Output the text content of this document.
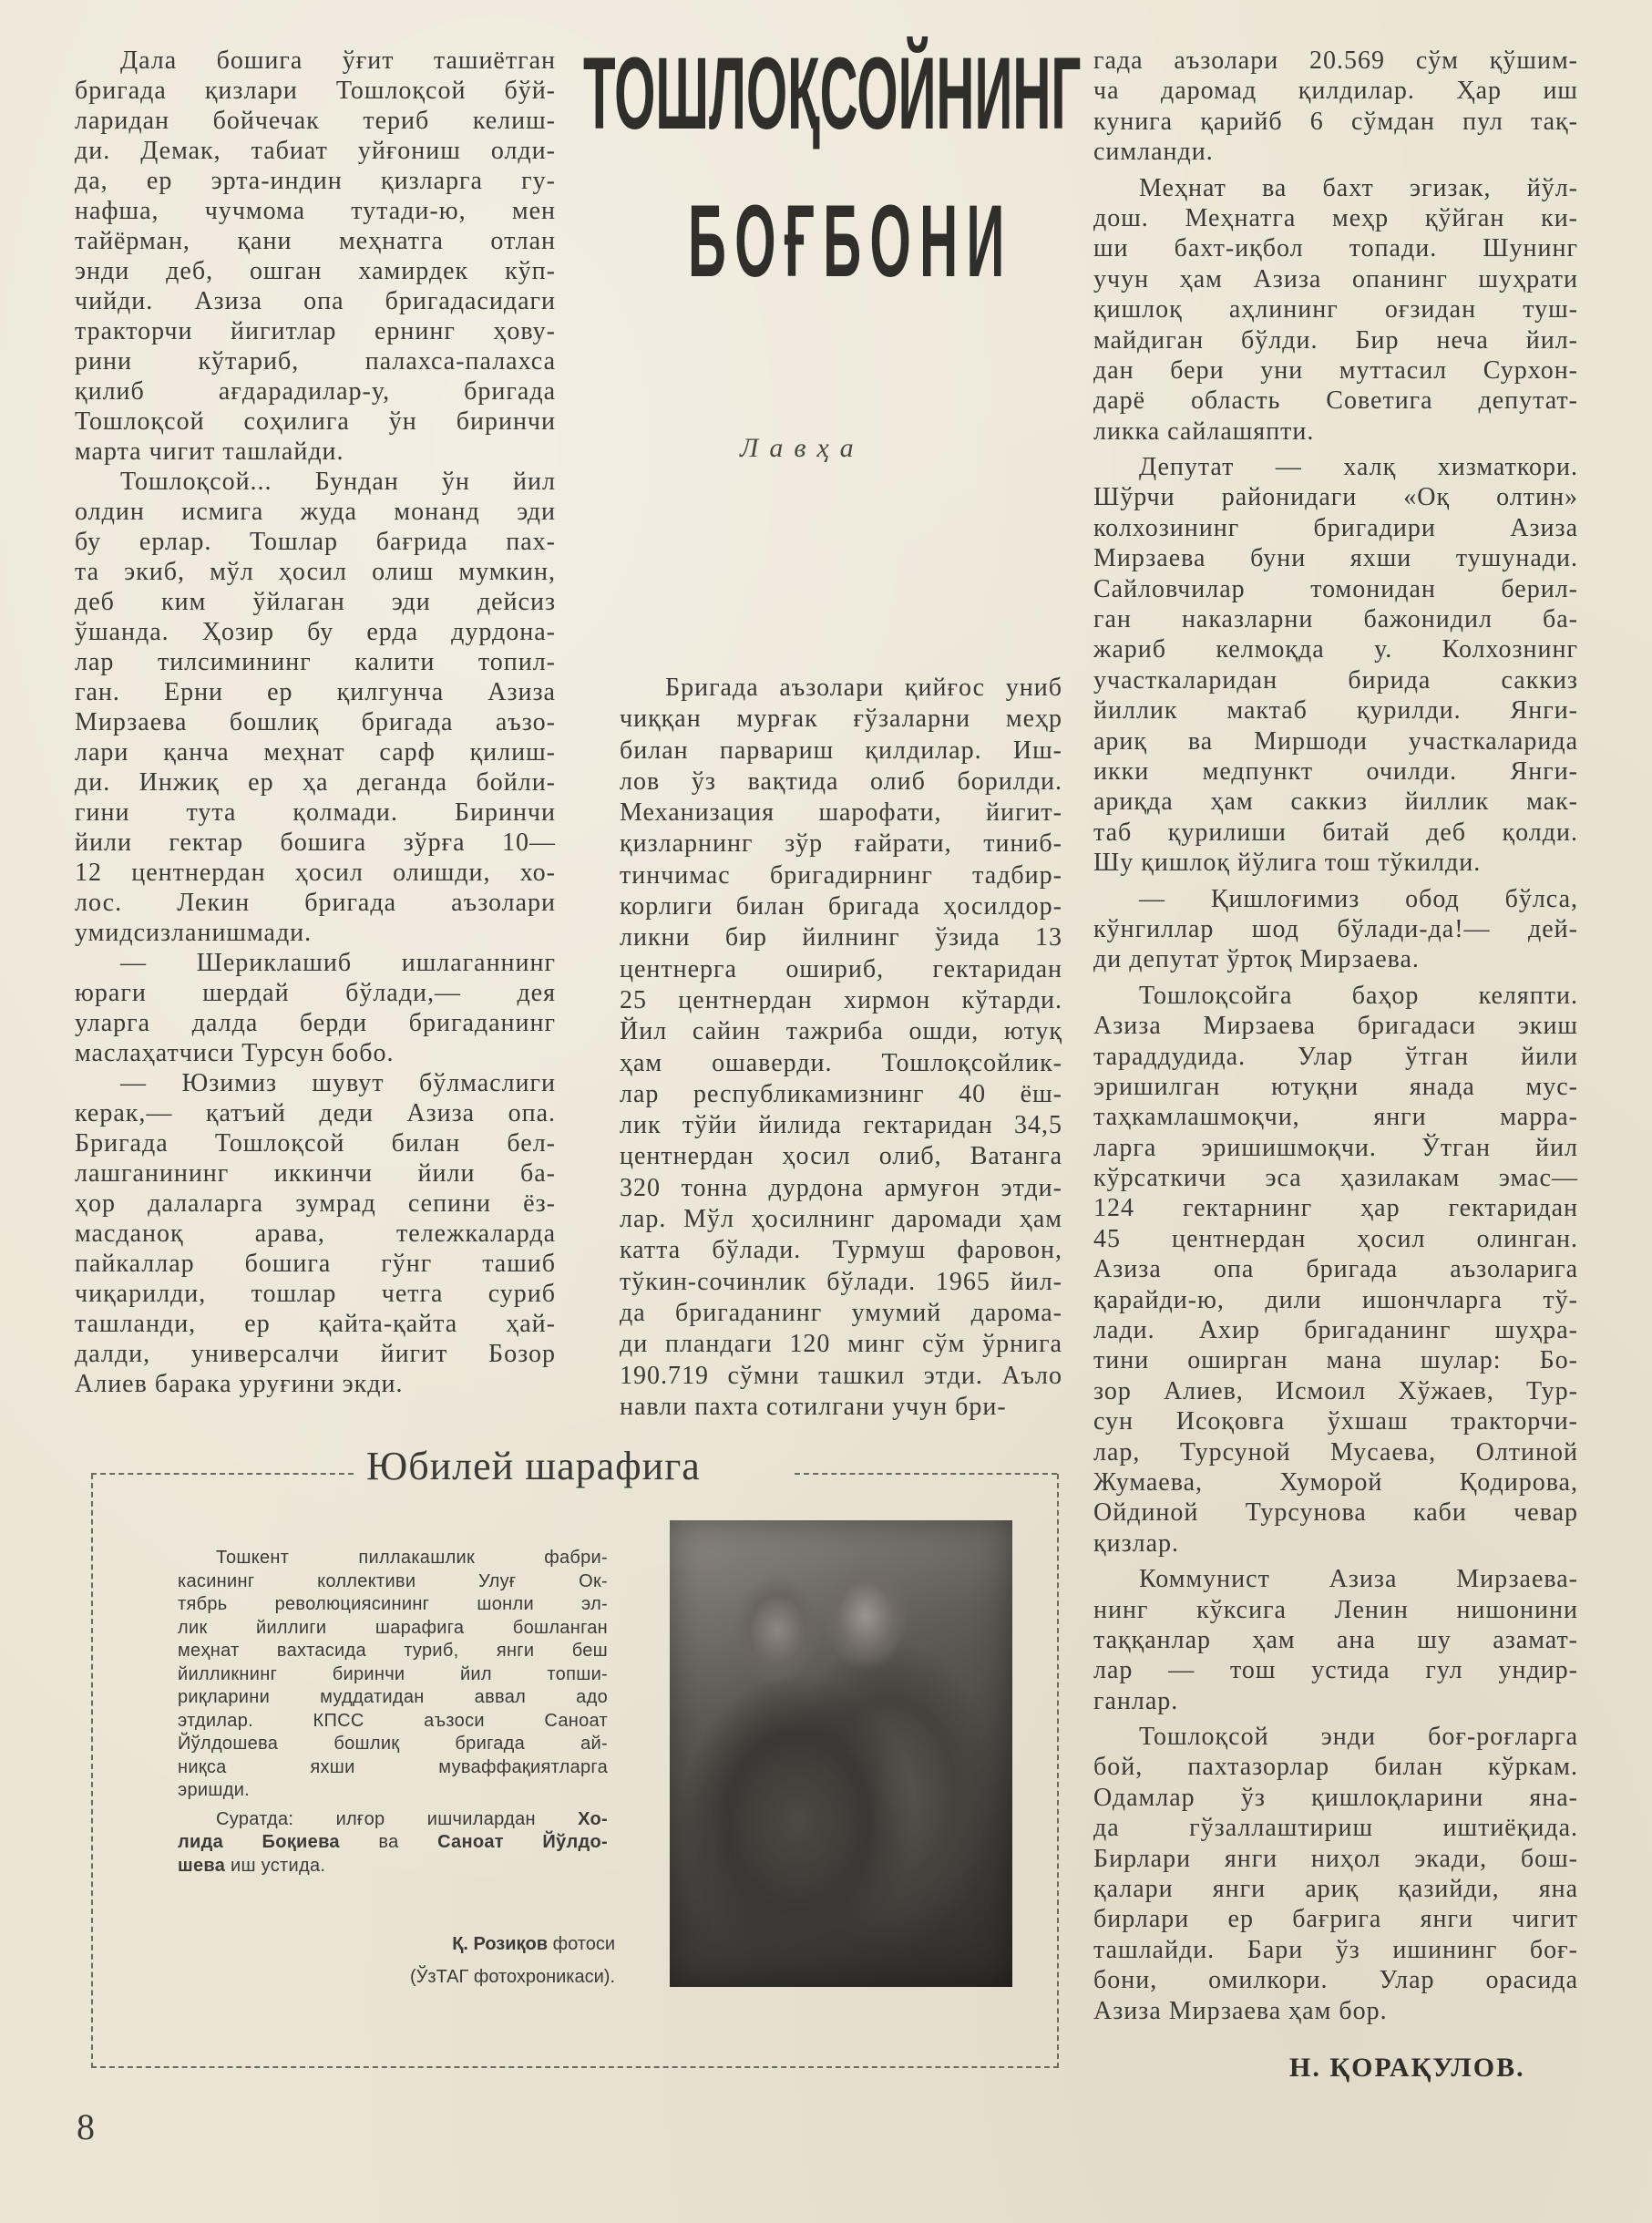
ТОШЛОҚСОЙНИНГ
БОҒБОНИ
Лавҳа
Дала бошига ўғит ташиётган
бригада қизлари Тошлоқсой бўй-
ларидан бойчечак териб келиш-
ди. Демак, табиат уйғониш олди-
да, ер эрта-индин қизларга гу-
нафша, чучмома тутади-ю, мен
тайёрман, қани меҳнатга отлан
энди деб, ошган хамирдек кўп-
чийди. Азиза опа бригадасидаги
тракторчи йигитлар ернинг ҳову-
рини кўтариб, палахса-палахса
қилиб ағдарадилар-у, бригада
Тошлоқсой соҳилига ўн биринчи
марта чигит ташлайди.
Тошлоқсой... Бундан ўн йил
олдин исмига жуда монанд эди
бу ерлар. Тошлар бағрида пах-
та экиб, мўл ҳосил олиш мумкин,
деб ким ўйлаган эди дейсиз
ўшанда. Ҳозир бу ерда дурдона-
лар тилсимининг калити топил-
ган. Ерни ер қилгунча Азиза
Мирзаева бошлиқ бригада аъзо-
лари қанча меҳнат сарф қилиш-
ди. Инжиқ ер ҳа деганда бойли-
гини тута қолмади. Биринчи
йили гектар бошига зўрға 10—
12 центнердан ҳосил олишди, хо-
лос. Лекин бригада аъзолари
умидсизланишмади.
— Шериклашиб ишлаганнинг
юраги шердай бўлади,— дея
уларга далда берди бригаданинг
маслаҳатчиси Турсун бобо.
— Юзимиз шувут бўлмаслиги
керак,— қатъий деди Азиза опа.
Бригада Тошлоқсой билан бел-
лашганининг иккинчи йили ба-
ҳор далаларга зумрад сепини ёз-
масданоқ арава, тележкаларда
пайкаллар бошига гўнг ташиб
чиқарилди, тошлар четга суриб
ташланди, ер қайта-қайта ҳай-
далди, универсалчи йигит Бозор
Алиев барака уруғини экди.
Бригада аъзолари қийғос униб
чиққан мурғак ғўзаларни меҳр
билан парвариш қилдилар. Иш-
лов ўз вақтида олиб борилди.
Механизация шарофати, йигит-
қизларнинг зўр ғайрати, тиниб-
тинчимас бригадирнинг тадбир-
корлиги билан бригада ҳосилдор-
ликни бир йилнинг ўзида 13
центнерга ошириб, гектаридан
25 центнердан хирмон кўтарди.
Йил сайин тажриба ошди, ютуқ
ҳам ошаверди. Тошлоқсойлик-
лар республикамизнинг 40 ёш-
лик тўйи йилида гектаридан 34,5
центнердан ҳосил олиб, Ватанга
320 тонна дурдона армуғон этди-
лар. Мўл ҳосилнинг даромади ҳам
катта бўлади. Турмуш фаровон,
тўкин-сочинлик бўлади. 1965 йил-
да бригаданинг умумий дарома-
ди пландаги 120 минг сўм ўрнига
190.719 сўмни ташкил этди. Аъло
навли пахта сотилгани учун бри-
гада аъзолари 20.569 сўм қўшим-
ча даромад қилдилар. Ҳар иш
кунига қарийб 6 сўмдан пул тақ-
симланди.
Меҳнат ва бахт эгизак, йўл-
дош. Меҳнатга меҳр қўйган ки-
ши бахт-иқбол топади. Шунинг
учун ҳам Азиза опанинг шуҳрати
қишлоқ аҳлининг оғзидан туш-
майдиган бўлди. Бир неча йил-
дан бери уни муттасил Сурхон-
дарё область Советига депутат-
ликка сайлашяпти.
Депутат — халқ хизматкори.
Шўрчи районидаги «Оқ олтин»
колхозининг бригадири Азиза
Мирзаева буни яхши тушунади.
Сайловчилар томонидан берил-
ган наказларни бажонидил ба-
жариб келмоқда у. Колхознинг
участкаларидан бирида саккиз
йиллик мактаб қурилди. Янги-
ариқ ва Миршоди участкаларида
икки медпункт очилди. Янги-
ариқда ҳам саккиз йиллик мак-
таб қурилиши битай деб қолди.
Шу қишлоқ йўлига тош тўкилди.
— Қишлоғимиз обод бўлса,
кўнгиллар шод бўлади-да!— дей-
ди депутат ўртоқ Мирзаева.
Тошлоқсойга баҳор келяпти.
Азиза Мирзаева бригадаси экиш
тараддудида. Улар ўтган йили
эришилган ютуқни янада мус-
таҳкамлашмоқчи, янги марра-
ларга эришишмоқчи. Ўтган йил
кўрсаткичи эса ҳазилакам эмас—
124 гектарнинг ҳар гектаридан
45 центнердан ҳосил олинган.
Азиза опа бригада аъзоларига
қарайди-ю, дили ишончларга тў-
лади. Ахир бригаданинг шуҳра-
тини оширган мана шулар: Бо-
зор Алиев, Исмоил Хўжаев, Тур-
сун Исоқовга ўхшаш тракторчи-
лар, Турсуной Мусаева, Олтиной
Жумаева, Хуморой Қодирова,
Ойдиной Турсунова каби чевар
қизлар.
Коммунист Азиза Мирзаева-
нинг кўксига Ленин нишонини
таққанлар ҳам ана шу азамат-
лар — тош устида гул ундир-
ганлар.
Тошлоқсой энди боғ-роғларга
бой, пахтазорлар билан кўркам.
Одамлар ўз қишлоқларини яна-
да гўзаллаштириш иштиёқида.
Бирлари янги ниҳол экади, бош-
қалари янги ариқ қазийди, яна
бирлари ер бағрига янги чигит
ташлайди. Бари ўз ишининг боғ-
бони, омилкори. Улар орасида
Азиза Мирзаева ҳам бор.
Н. ҚОРАҚУЛОВ.
Юбилей шарафига
Тошкент пиллакашлик фабри-
касининг коллективи Улуғ Ок-
тябрь революциясининг шонли эл-
лик йиллиги шарафига бошланган
меҳнат вахтасида туриб, янги беш
йилликнинг биринчи йил топши-
риқларини муддатидан аввал адо
этдилар. КПСС аъзоси Саноат
Йўлдошева бошлиқ бригада ай-
ниқса яхши муваффақиятларга
эришди.
Суратда: илғор ишчилардан Хо-
лида Боқиева ва Саноат Йўлдо-
шева иш устида.
Қ. Розиқов фотоси
(ЎзТАГ фотохроникаси).
8
